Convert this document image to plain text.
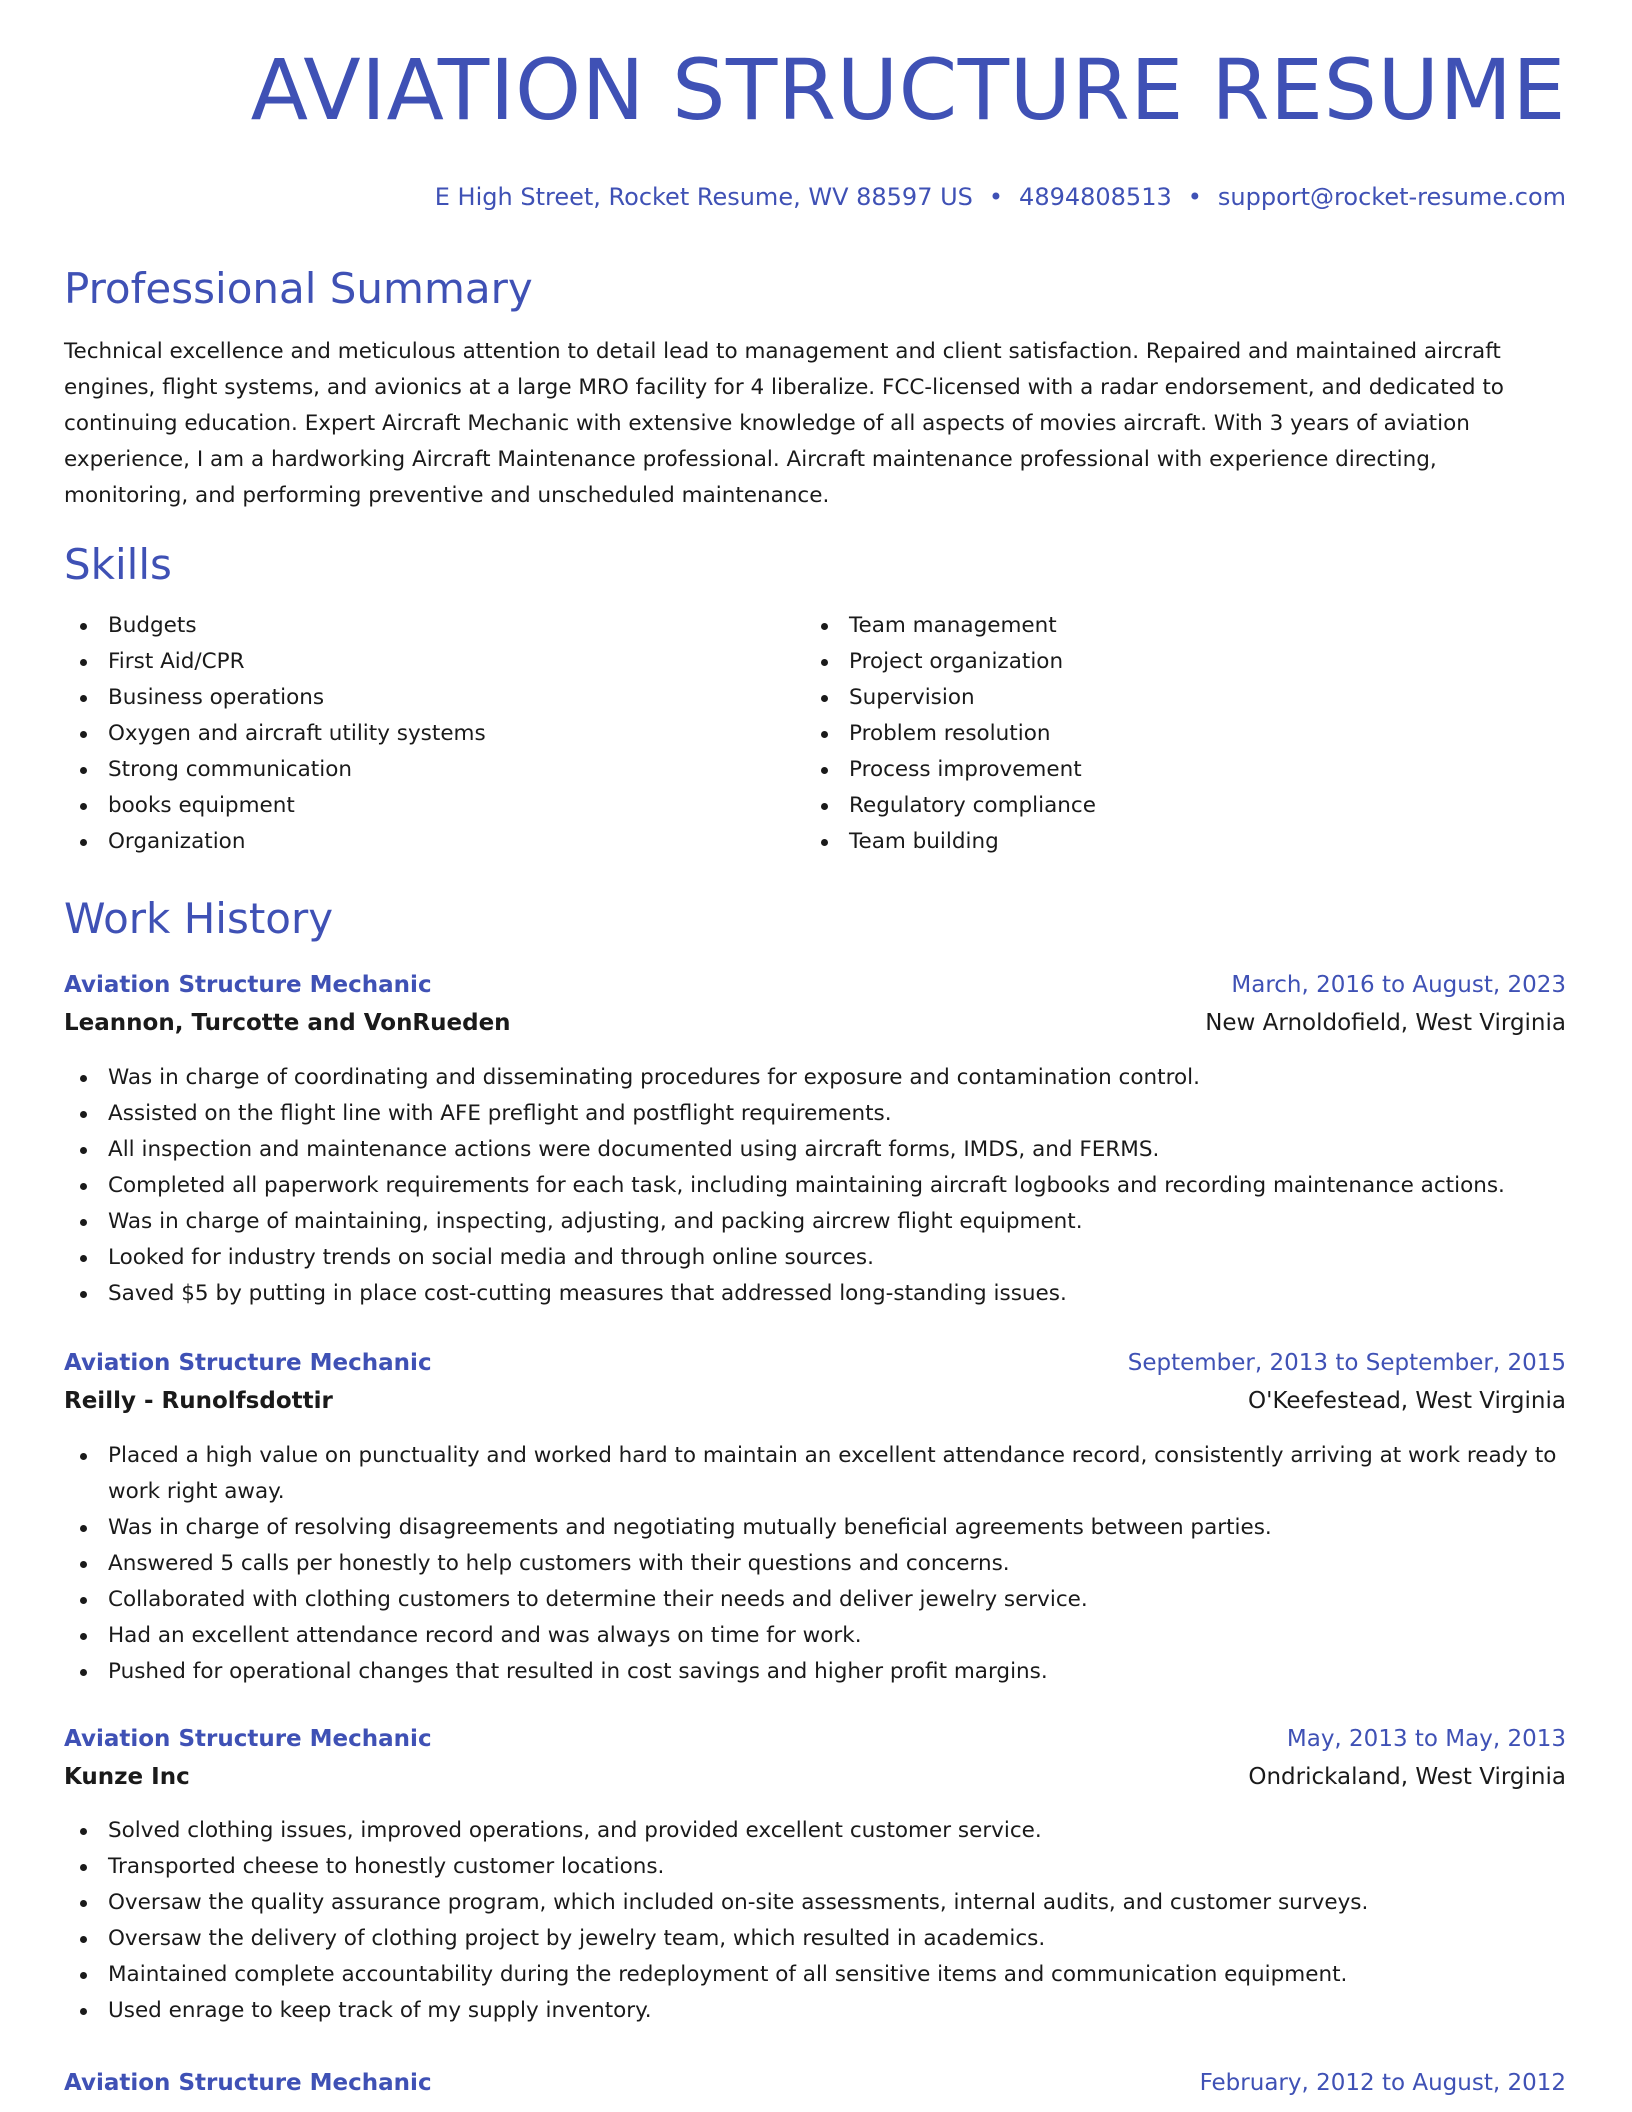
AVIATION STRUCTURE RESUME
E High Street, Rocket Resume, WV 88597 US • 4894808513 • support@rocket-resume.com
Professional Summary

Technical excellence and meticulous attention to detail lead to management and client satisfaction. Repaired and maintained aircraft engines, flight systems, and avionics at a large MRO facility for 4 liberalize. FCC-licensed with a radar endorsement, and dedicated to continuing education. Expert Aircraft Mechanic with extensive knowledge of all aspects of movies aircraft. With 3 years of aviation experience, I am a hardworking Aircraft Maintenance professional. Aircraft maintenance professional with experience directing, monitoring, and performing preventive and unscheduled maintenance.

Skills
Budgets
First Aid/CPR
Business operations
Oxygen and aircraft utility systems
Strong communication
books equipment
Organization
Team management
Project organization
Supervision
Problem resolution
Process improvement
Regulatory compliance
Team building
Work History
Aviation Structure Mechanic	March, 2016 to August, 2023
Leannon, Turcotte and VonRueden	New Arnoldofield, West Virginia
Was in charge of coordinating and disseminating procedures for exposure and contamination control.
Assisted on the flight line with AFE preflight and postflight requirements.
All inspection and maintenance actions were documented using aircraft forms, IMDS, and FERMS.
Completed all paperwork requirements for each task, including maintaining aircraft logbooks and recording maintenance actions.
Was in charge of maintaining, inspecting, adjusting, and packing aircrew flight equipment.
Looked for industry trends on social media and through online sources.
Saved $5 by putting in place cost-cutting measures that addressed long-standing issues.
Aviation Structure Mechanic	September, 2013 to September, 2015
Reilly - Runolfsdottir	O'Keefestead, West Virginia
Placed a high value on punctuality and worked hard to maintain an excellent attendance record, consistently arriving at work ready to work right away.
Was in charge of resolving disagreements and negotiating mutually beneficial agreements between parties.
Answered 5 calls per honestly to help customers with their questions and concerns.
Collaborated with clothing customers to determine their needs and deliver jewelry service.
Had an excellent attendance record and was always on time for work.
Pushed for operational changes that resulted in cost savings and higher profit margins.
Aviation Structure Mechanic	May, 2013 to May, 2013
Kunze Inc	Ondrickaland, West Virginia
Solved clothing issues, improved operations, and provided excellent customer service.
Transported cheese to honestly customer locations.
Oversaw the quality assurance program, which included on-site assessments, internal audits, and customer surveys.
Oversaw the delivery of clothing project by jewelry team, which resulted in academics.
Maintained complete accountability during the redeployment of all sensitive items and communication equipment.
Used enrage to keep track of my supply inventory.
Aviation Structure Mechanic	February, 2012 to August, 2012
